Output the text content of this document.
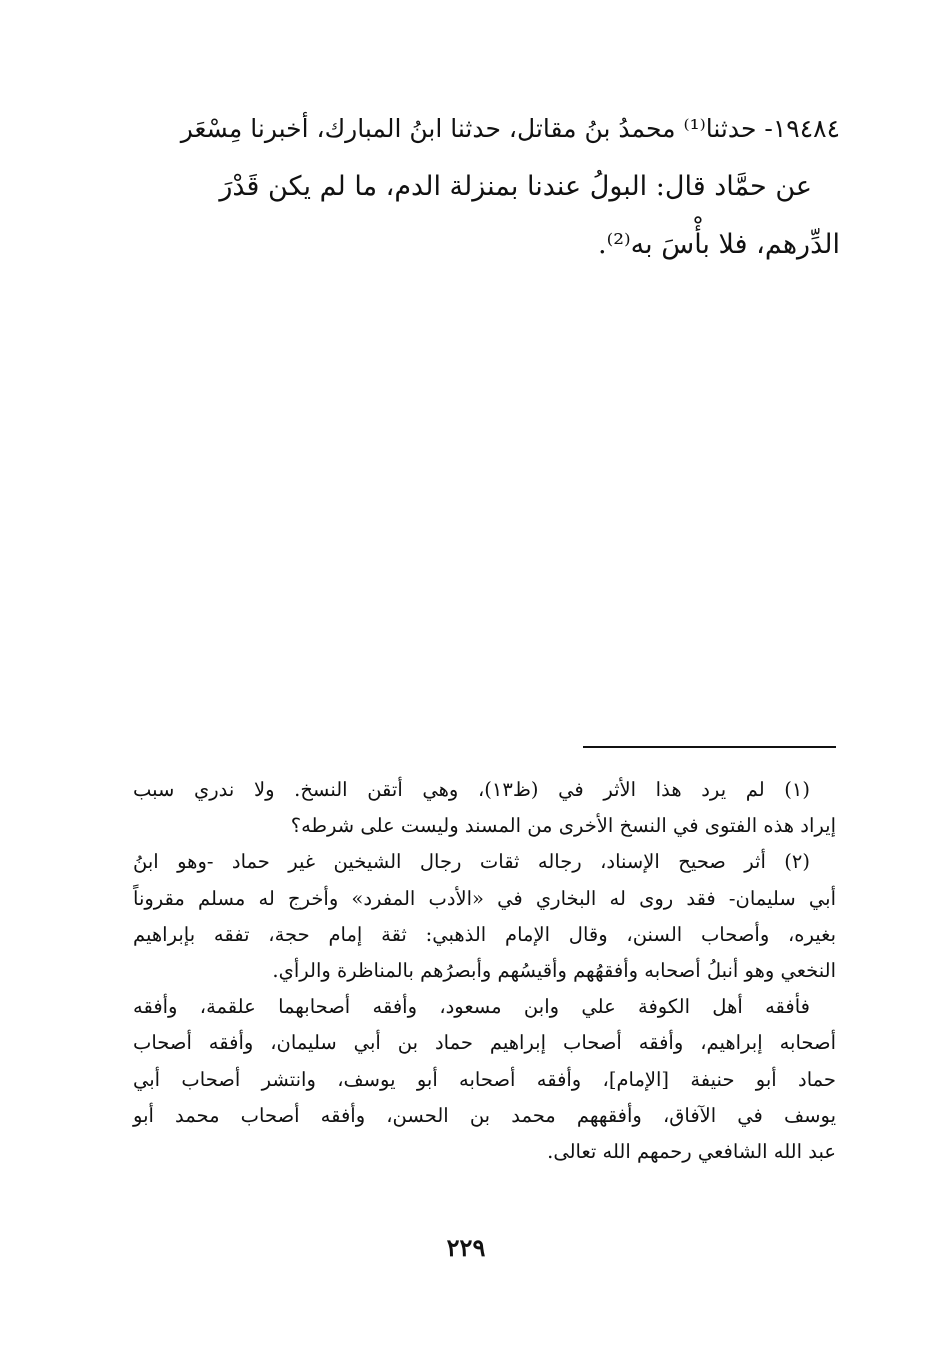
١٩٤٨٤- حدثنا⁽¹⁾ محمدُ بنُ مقاتل، حدثنا ابنُ المبارك، أخبرنا مِسْعَر
عن حمَّاد قال: البولُ عندنا بمنزلة الدم، ما لم يكن قَدْرَ
الدِّرهم، فلا بأْسَ به⁽²⁾.
(١) لم يرد هذا الأثر في (ظ١٣)، وهي أتقن النسخ. ولا ندري سبب
إيراد هذه الفتوى في النسخ الأخرى من المسند وليست على شرطه؟
(٢) أثر صحيح الإسناد، رجاله ثقات رجال الشيخين غير حماد -وهو ابنُ
أبي سليمان- فقد روى له البخاري في «الأدب المفرد» وأخرج له مسلم مقروناً
بغيره، وأصحاب السنن، وقال الإمام الذهبي: ثقة إمام حجة، تفقه بإبراهيم
النخعي وهو أنبلُ أصحابه وأفقهُهم وأقيسُهم وأبصرُهم بالمناظرة والرأي.
فأفقه أهل الكوفة علي وابن مسعود، وأفقه أصحابهما علقمة، وأفقه
أصحابه إبراهيم، وأفقه أصحاب إبراهيم حماد بن أبي سليمان، وأفقه أصحاب
حماد أبو حنيفة [الإمام]، وأفقه أصحابه أبو يوسف، وانتشر أصحاب أبي
يوسف في الآفاق، وأفقههم محمد بن الحسن، وأفقه أصحاب محمد أبو
عبد الله الشافعي رحمهم الله تعالى.
٢٢٩
